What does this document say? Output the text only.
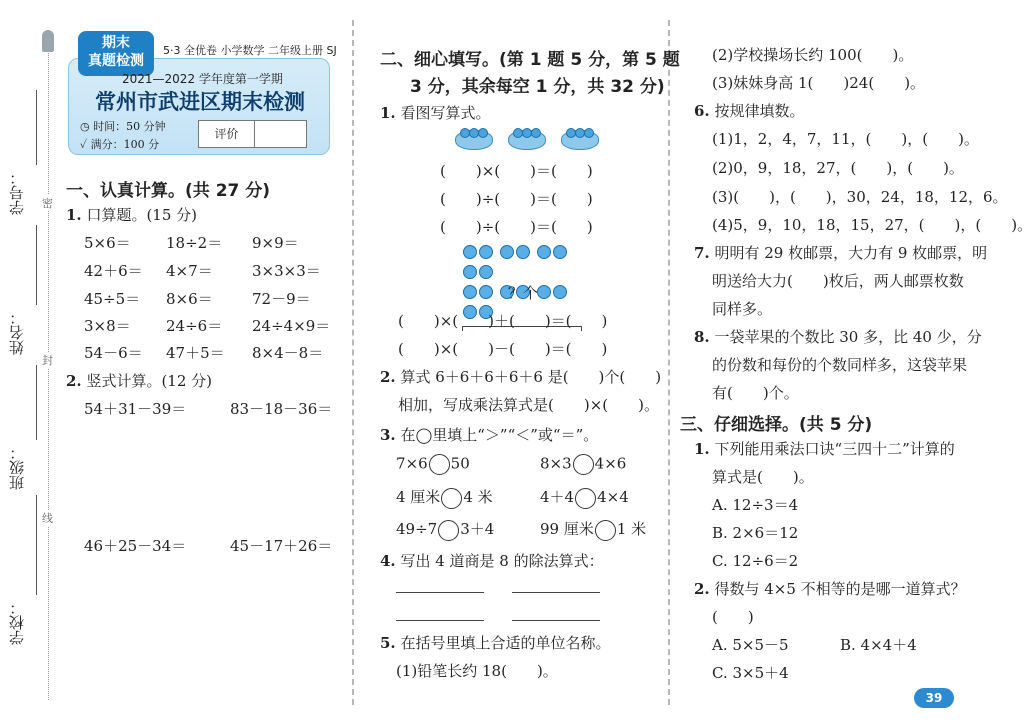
学号：
姓名：
班级：
学校：
密
封
线
5·3 全优卷 小学数学 二年级上册 SJ
期末
真题检测
2021—2022 学年度第一学期
常州市武进区期末检测
◷ 时间：50 分钟
✓ 满分：100 分
评价
一、认真计算。(共 27 分)
1. 口算题。(15 分)
5×6＝ 18÷2＝ 9×9＝
42＋6＝ 4×7＝	3×3×3＝
45÷5＝ 8×6＝	72－9＝
3×8＝ 24÷6＝ 24÷4×9＝
54－6＝ 47＋5＝ 8×4－8＝
2. 竖式计算。(12 分)
54＋31－39＝	83－18－36＝
46＋25－34＝	45－17＋26＝
二、细心填写。(第 1 题 5 分，第 5 题
3 分，其余每空 1 分，共 32 分)
1. 看图写算式。

(　　)×(　　)＝(　　)
(　　)÷(　　)＝(　　)
(　　)÷(　　)＝(　　)

？个
(　　)×(　　)＋(　　)＝(　　)
(　　)×(　　)－(　　)＝(　　)
2. 算式 6＋6＋6＋6＋6 是(　　)个(　　)
相加，写成乘法算式是(　　)×(　　)。
3. 在◯里填上“＞”“＜”或“＝”。
7×6 50	8×3 4×6
4 厘米 4 米	4＋4 4×4
49÷7 3＋4	99 厘米 1 米
4. 写出 4 道商是 8 的除法算式：
5. 在括号里填上合适的单位名称。
(1)铅笔长约 18(　　)。
(2)学校操场长约 100(　　)。
(3)妹妹身高 1(　　)24(　　)。
6. 按规律填数。
(1)1，2，4，7，11，(　　)，(　　)。
(2)0，9，18，27，(　　)，(　　)。
(3)(　　)，(　　)，30，24，18，12，6。
(4)5，9，10，18，15，27，(　　)，(　　)。
7. 明明有 29 枚邮票，大力有 9 枚邮票，明
明送给大力(　　)枚后，两人邮票枚数
同样多。
8. 一袋苹果的个数比 30 多，比 40 少，分
的份数和每份的个数同样多，这袋苹果
有(　　)个。
三、仔细选择。(共 5 分)
1. 下列能用乘法口诀“三四十二”计算的
算式是(　　)。
A. 12÷3＝4
B. 2×6＝12
C. 12÷6＝2
2. 得数与 4×5 不相等的是哪一道算式？
(　　)
A. 5×5－5	B. 4×4＋4
C. 3×5＋4
39
